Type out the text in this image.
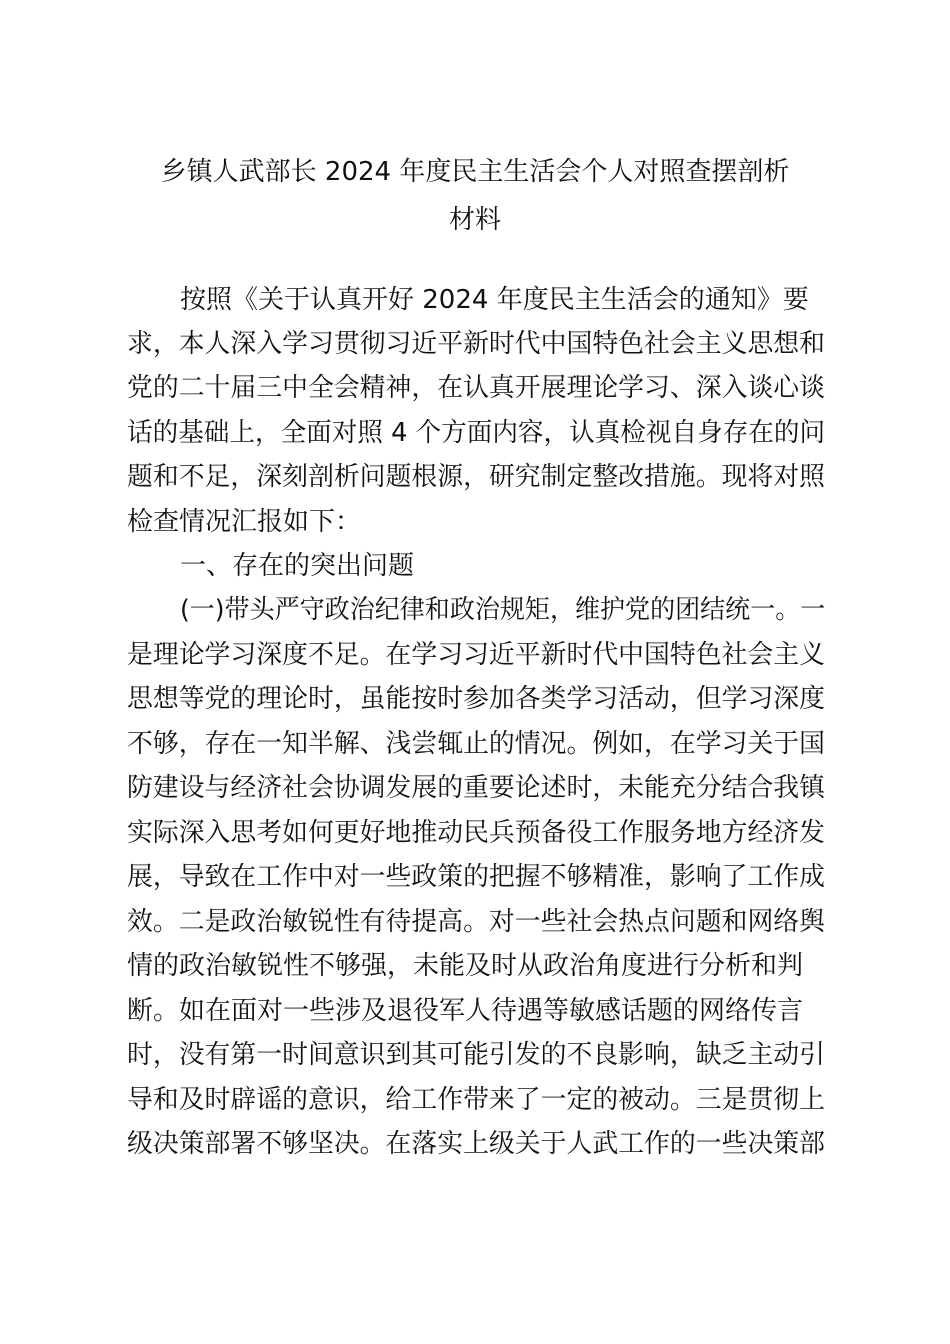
乡镇人武部长 2024 年度民主生活会个人对照查摆剖析
材料
按照《关于认真开好 2024 年度民主生活会的通知》要
求，本人深入学习贯彻习近平新时代中国特色社会主义思想和
党的二十届三中全会精神，在认真开展理论学习、深入谈心谈
话的基础上，全面对照 4 个方面内容，认真检视自身存在的问
题和不足，深刻剖析问题根源，研究制定整改措施。现将对照
检查情况汇报如下：
一、存在的突出问题
(一)带头严守政治纪律和政治规矩，维护党的团结统一。一
是理论学习深度不足。在学习习近平新时代中国特色社会主义
思想等党的理论时，虽能按时参加各类学习活动，但学习深度
不够，存在一知半解、浅尝辄止的情况。例如，在学习关于国
防建设与经济社会协调发展的重要论述时，未能充分结合我镇
实际深入思考如何更好地推动民兵预备役工作服务地方经济发
展，导致在工作中对一些政策的把握不够精准，影响了工作成
效。二是政治敏锐性有待提高。对一些社会热点问题和网络舆
情的政治敏锐性不够强，未能及时从政治角度进行分析和判
断。如在面对一些涉及退役军人待遇等敏感话题的网络传言
时，没有第一时间意识到其可能引发的不良影响，缺乏主动引
导和及时辟谣的意识，给工作带来了一定的被动。三是贯彻上
级决策部署不够坚决。在落实上级关于人武工作的一些决策部
